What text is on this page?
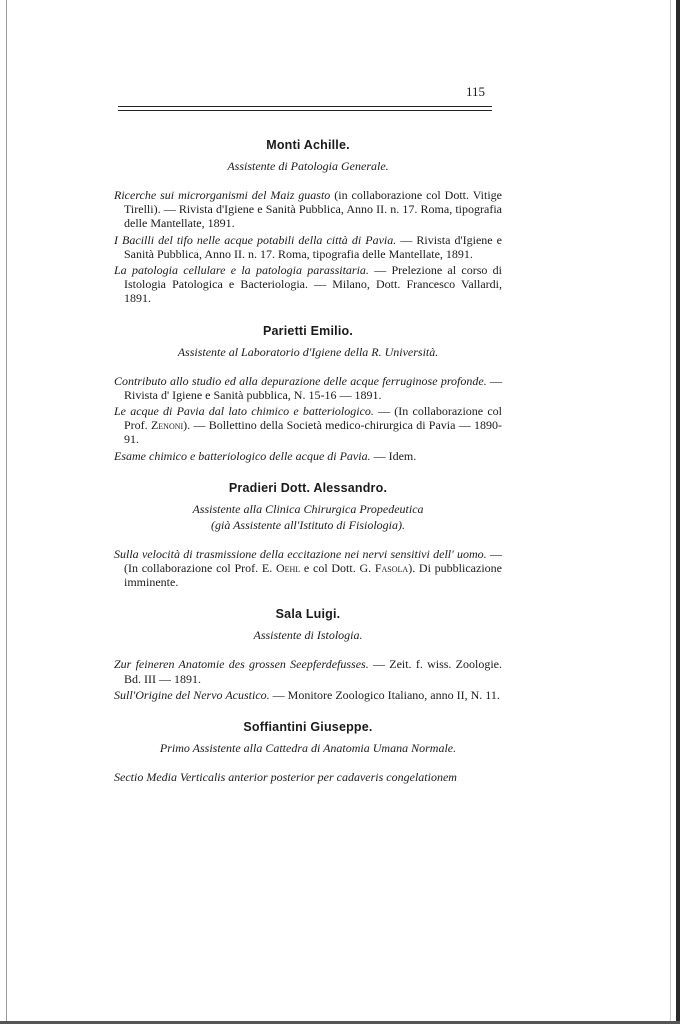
115
Monti Achille.

Assistente di Patologia Generale.

Ricerche sui microrganismi del Maiz guasto (in collaborazione col Dott. Vitige Tirelli). — Rivista d'Igiene e Sanità Pubblica, Anno II. n. 17. Roma, tipografia delle Mantellate, 1891.

I Bacilli del tifo nelle acque potabili della città di Pavia. — Rivista d'Igiene e Sanità Pubblica, Anno II. n. 17. Roma, tipografia delle Mantellate, 1891.

La patologia cellulare e la patologia parassitaria. — Prelezione al corso di Istologia Patologica e Bacteriologia. — Milano, Dott. Francesco Vallardi, 1891.

Parietti Emilio.

Assistente al Laboratorio d'Igiene della R. Università.

Contributo allo studio ed alla depurazione delle acque ferruginose profonde. — Rivista d' Igiene e Sanità pubblica, N. 15-16 — 1891.

Le acque di Pavia dal lato chimico e batteriologico. — (In collaborazione col Prof. Zenoni). — Bollettino della Società medico-chirurgica di Pavia — 1890-91.

Esame chimico e batteriologico delle acque di Pavia. — Idem.

Pradieri Dott. Alessandro.

Assistente alla Clinica Chirurgica Propedeutica

(già Assistente all'Istituto di Fisiologia).

Sulla velocità di trasmissione della eccitazione nei nervi sensitivi dell' uomo. — (In collaborazione col Prof. E. Oehl e col Dott. G. Fasola). Di pubblicazione imminente.

Sala Luigi.

Assistente di Istologia.

Zur feineren Anatomie des grossen Seepferdefusses. — Zeit. f. wiss. Zoologie. Bd. III — 1891.

Sull'Origine del Nervo Acustico. — Monitore Zoologico Italiano, anno II, N. 11.

Soffiantini Giuseppe.

Primo Assistente alla Cattedra di Anatomia Umana Normale.

Sectio Media Verticalis anterior posterior per cadaveris congelationem
